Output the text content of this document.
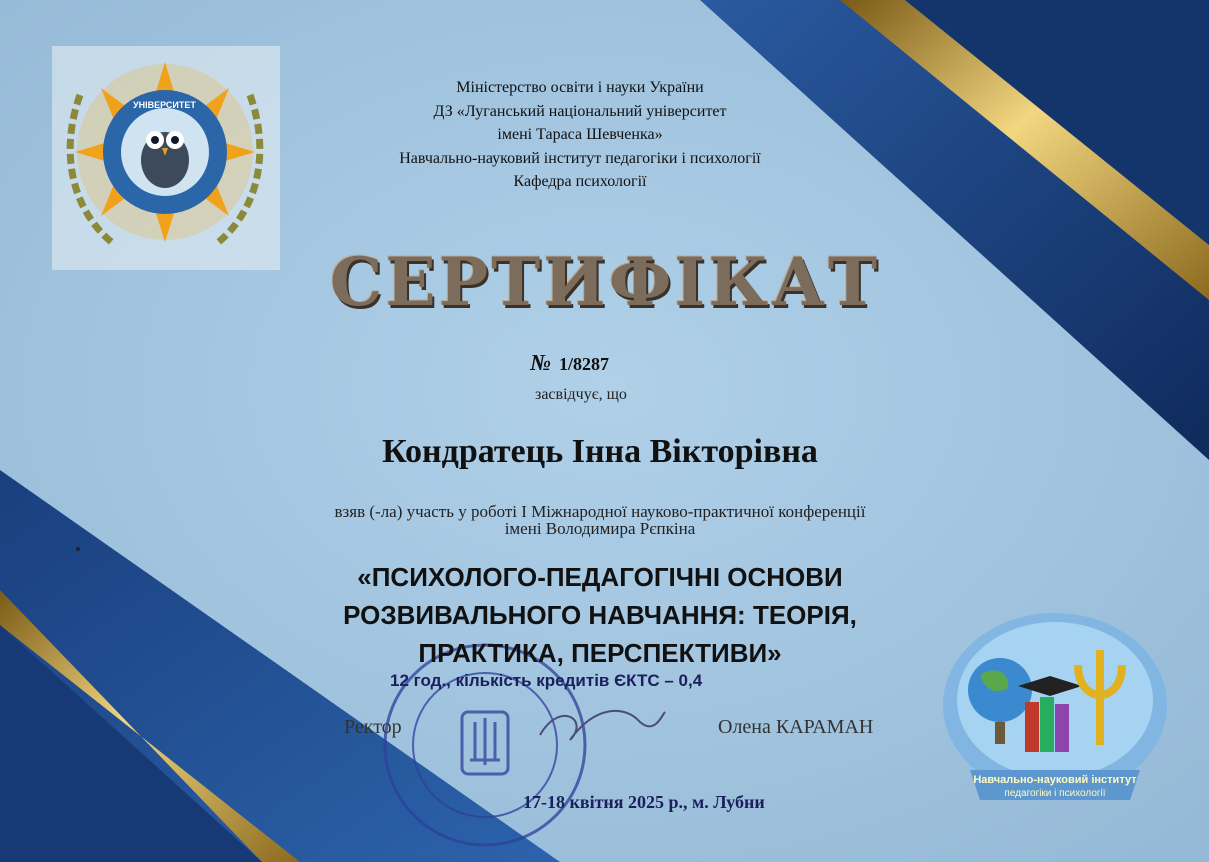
УНІВЕРСИТЕТ
Навчально-науковий інститут
педагогіки і психології
Міністерство освіти і науки України
ДЗ «Луганський національний університет
імені Тараса Шевченка»
Навчально-науковий інститут педагогіки і психології
Кафедра психології
СЕРТИФІКАТ
№ 1/8287
засвідчує, що
Кондратець Інна Вікторівна
взяв (-ла) участь у роботі І Міжнародної науково-практичної конференції
імені Володимира Рєпкіна
«ПСИХОЛОГО-ПЕДАГОГІЧНІ ОСНОВИ
РОЗВИВАЛЬНОГО НАВЧАННЯ: ТЕОРІЯ,
ПРАКТИКА, ПЕРСПЕКТИВИ»
12 год., кількість кредитів ЄКТС – 0,4
Ректор	Олена КАРАМАН
17-18 квітня 2025 р., м. Лубни
